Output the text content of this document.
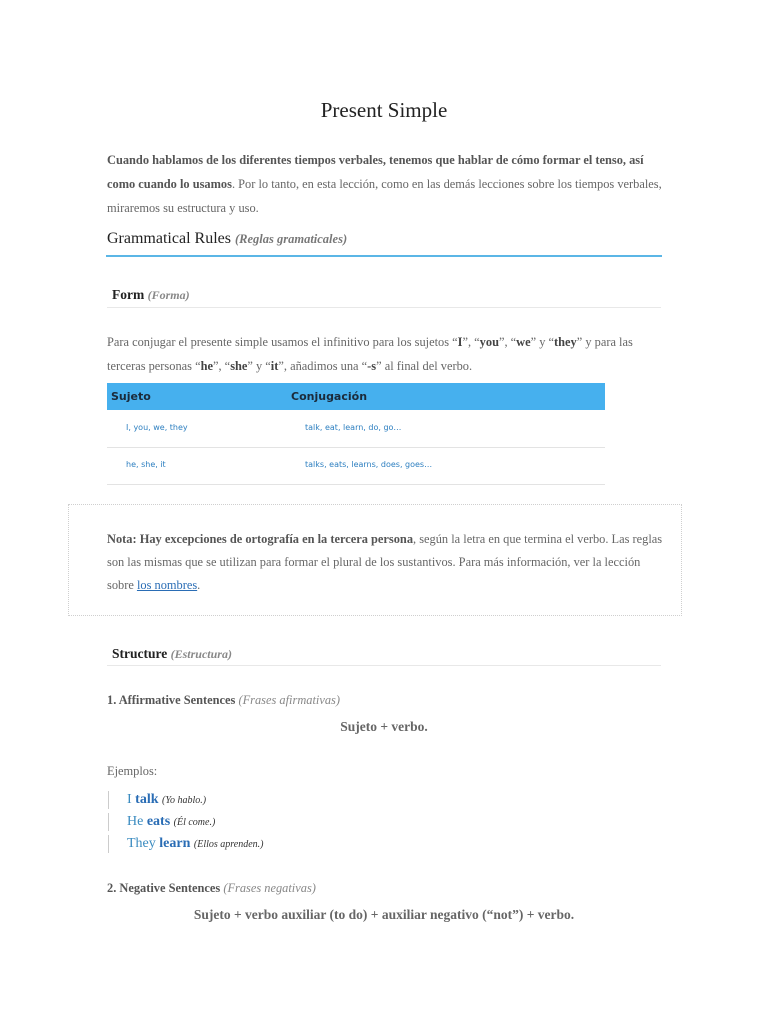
Present Simple
Cuando hablamos de los diferentes tiempos verbales, tenemos que hablar de cómo formar el tenso, así como cuando lo usamos. Por lo tanto, en esta lección, como en las demás lecciones sobre los tiempos verbales, miraremos su estructura y uso.
Grammatical Rules (Reglas gramaticales)
Form (Forma)
Para conjugar el presente simple usamos el infinitivo para los sujetos “I”, “you”, “we” y “they” y para las terceras personas “he”, “she” y “it”, añadimos una “-s” al final del verbo.
Sujeto	Conjugación
I, you, we, they	talk, eat, learn, do, go…
he, she, it	talks, eats, learns, does, goes…
Nota: Hay excepciones de ortografía en la tercera persona, según la letra en que termina el verbo. Las reglas son las mismas que se utilizan para formar el plural de los sustantivos. Para más información, ver la lección sobre los nombres.
Structure (Estructura)
1. Affirmative Sentences (Frases afirmativas)
Sujeto + verbo.
Ejemplos:
I talk (Yo hablo.)
He eats (Él come.)
They learn (Ellos aprenden.)
2. Negative Sentences (Frases negativas)
Sujeto + verbo auxiliar (to do) + auxiliar negativo (“not”) + verbo.
